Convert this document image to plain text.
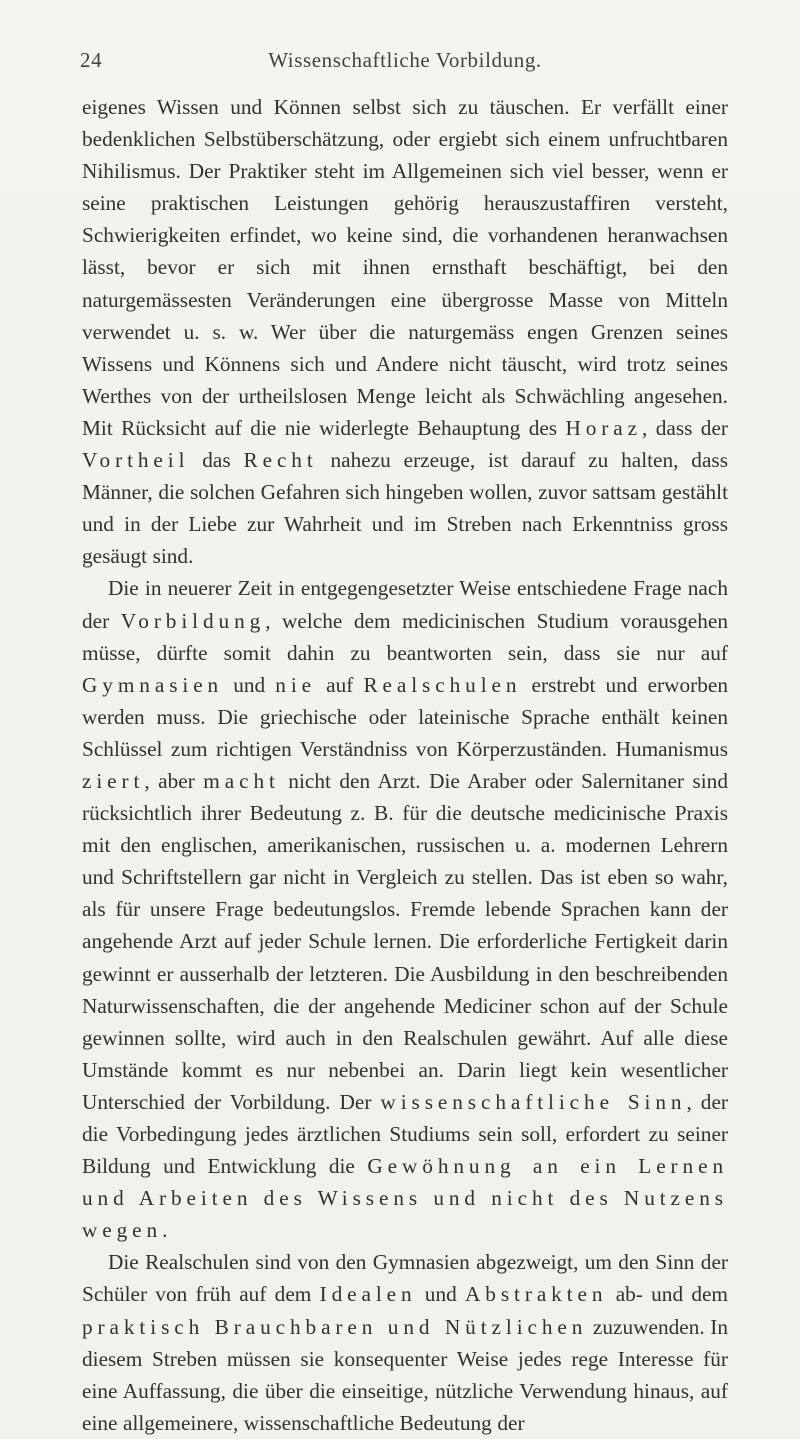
24	Wissenschaftliche Vorbildung.

eigenes Wissen und Können selbst sich zu täuschen. Er verfällt einer bedenklichen Selbstüberschätzung, oder ergiebt sich einem unfruchtbaren Nihilismus. Der Praktiker steht im Allgemeinen sich viel besser, wenn er seine praktischen Leistungen gehörig herauszustaffiren versteht, Schwierigkeiten erfindet, wo keine sind, die vorhandenen heranwachsen lässt, bevor er sich mit ihnen ernsthaft beschäftigt, bei den naturgemässesten Veränderungen eine übergrosse Masse von Mitteln verwendet u. s. w. Wer über die naturgemäss engen Grenzen seines Wissens und Könnens sich und Andere nicht täuscht, wird trotz seines Werthes von der urtheilslosen Menge leicht als Schwächling angesehen. Mit Rücksicht auf die nie widerlegte Behauptung des Horaz, dass der Vortheil das Recht nahezu erzeuge, ist darauf zu halten, dass Männer, die solchen Gefahren sich hingeben wollen, zuvor sattsam gestählt und in der Liebe zur Wahrheit und im Streben nach Erkenntniss gross gesäugt sind.

Die in neuerer Zeit in entgegengesetzter Weise entschiedene Frage nach der Vorbildung, welche dem medicinischen Studium vorausgehen müsse, dürfte somit dahin zu beantworten sein, dass sie nur auf Gymnasien und nie auf Realschulen erstrebt und erworben werden muss. Die griechische oder lateinische Sprache enthält keinen Schlüssel zum richtigen Verständniss von Körperzuständen. Humanismus ziert, aber macht nicht den Arzt. Die Araber oder Salernitaner sind rücksichtlich ihrer Bedeutung z. B. für die deutsche medicinische Praxis mit den englischen, amerikanischen, russischen u. a. modernen Lehrern und Schriftstellern gar nicht in Vergleich zu stellen. Das ist eben so wahr, als für unsere Frage bedeutungslos. Fremde lebende Sprachen kann der angehende Arzt auf jeder Schule lernen. Die erforderliche Fertigkeit darin gewinnt er ausserhalb der letzteren. Die Ausbildung in den beschreibenden Naturwissenschaften, die der angehende Mediciner schon auf der Schule gewinnen sollte, wird auch in den Realschulen gewährt. Auf alle diese Umstände kommt es nur nebenbei an. Darin liegt kein wesentlicher Unterschied der Vorbildung. Der wissenschaftliche Sinn, der die Vorbedingung jedes ärztlichen Studiums sein soll, erfordert zu seiner Bildung und Entwicklung die Gewöhnung an ein Lernen und Arbeiten des Wissens und nicht des Nutzens wegen.

Die Realschulen sind von den Gymnasien abgezweigt, um den Sinn der Schüler von früh auf dem Idealen und Abstrakten ab- und dem praktisch Brauchbaren und Nützlichen zuzuwenden. In diesem Streben müssen sie konsequenter Weise jedes rege Interesse für eine Auffassung, die über die einseitige, nützliche Verwendung hinaus, auf eine allgemeinere, wissenschaftliche Bedeutung der
